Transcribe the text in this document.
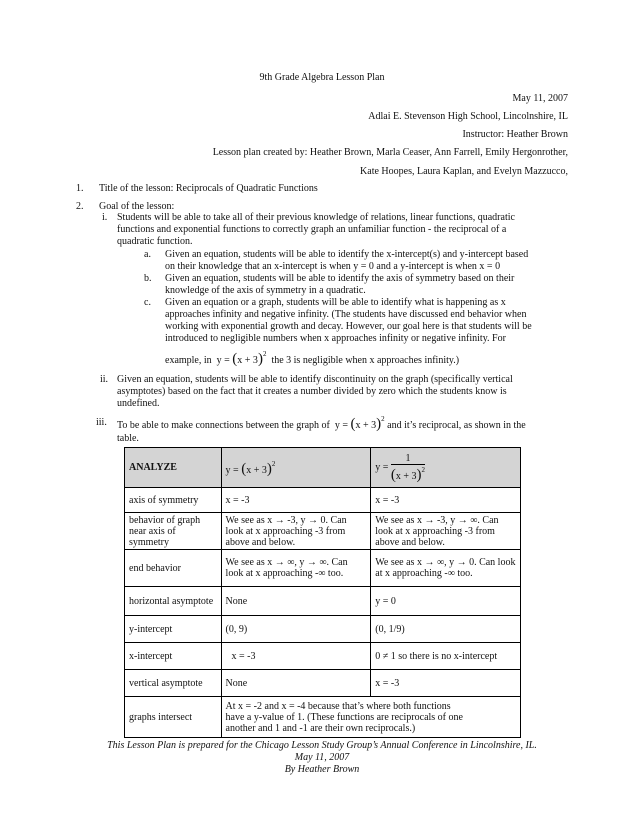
9th Grade Algebra Lesson Plan
May 11, 2007
Adlai E. Stevenson High School, Lincolnshire, IL
Instructor: Heather Brown
Lesson plan created by: Heather Brown, Marla Ceaser, Ann Farrell, Emily Hergonrother,
Kate Hoopes, Laura Kaplan, and Evelyn Mazzucco,
1. Title of the lesson: Reciprocals of Quadratic Functions
2. Goal of the lesson:
i. Students will be able to take all of their previous knowledge of relations, linear functions, quadratic functions and exponential functions to correctly graph an unfamiliar function - the reciprocal of a quadratic function.

a. Given an equation, students will be able to identify the x-intercept(s) and y-intercept based on their knowledge that an x-intercept is when y = 0 and a y-intercept is when x = 0

b. Given an equation, students will be able to identify the axis of symmetry based on their knowledge of the axis of symmetry in a quadratic.

c. Given an equation or a graph, students will be able to identify what is happening as x approaches infinity and negative infinity. (The students have discussed end behavior when working with exponential growth and decay. However, our goal here is that students will be introduced to negligible numbers when x approaches infinity or negative infinity. For

example, in $y = (x + 3)^2$  the 3 is negligible when x approaches infinity.)
ii. Given an equation, students will be able to identify discontinuity on the graph (specifically vertical asymptotes) based on the fact that it creates a number divided by zero which the students know is undefined.

iii. To be able to make connections between the graph of $y = (x + 3)^2$ and it’s reciprocal, as shown in the
table.
ANALYZE	$y = (x + 3)^2$	$y = \frac{1}{(x + 3)^2}$

axis of symmetry	x = -3	x = -3
behavior of graph near axis of symmetry	We see as x → -3, y → 0. Can look at x approaching -3 from above and below.	We see as x → -3, y → ∞. Can look at x approaching -3 from above and below.
end behavior	We see as x → ∞, y → ∞. Can look at x approaching -∞ too.	We see as x → ∞, y → 0. Can look at x approaching -∞ too.
horizontal asymptote	None	y = 0
y-intercept	(0, 9)	(0, 1/9)
x-intercept	x = -3	0 ≠ 1 so there is no x-intercept
vertical asymptote	None	x = -3
graphs intersect	At x = -2 and x = -4 because that’s where both functions have a y-value of 1. (These functions are reciprocals of one another and 1 and -1 are their own reciprocals.)	
This Lesson Plan is prepared for the Chicago Lesson Study Group’s Annual Conference in Lincolnshire, IL.
May 11, 2007
By Heather Brown
